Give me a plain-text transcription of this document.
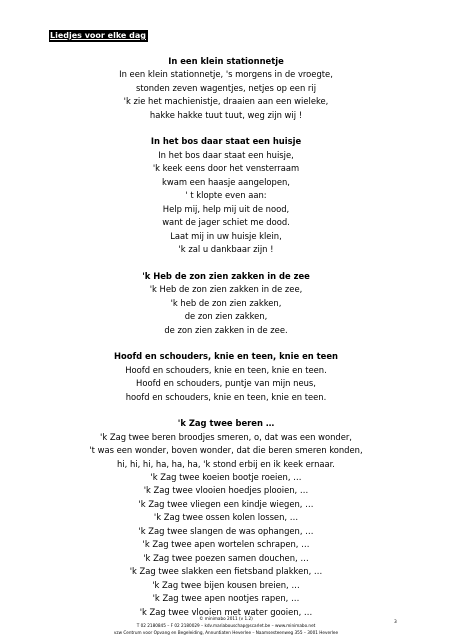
Liedjes voor elke dag
In een klein stationnetje
In een klein stationnetje, 's morgens in de vroegte,
stonden zeven wagentjes, netjes op een rij
'k zie het machienistje, draaien aan een wieleke,
hakke hakke tuut tuut, weg zijn wij !
In het bos daar staat een huisje
In het bos daar staat een huisje,
'k keek eens door het vensterraam
kwam een haasje aangelopen,
' t klopte even aan:
Help mij, help mij uit de nood,
want de jager schiet me dood.
Laat mij in uw huisje klein,
'k zal u dankbaar zijn !
'k Heb de zon zien zakken in de zee
'k Heb de zon zien zakken in de zee,
'k heb de zon zien zakken,
de zon zien zakken,
de zon zien zakken in de zee.
Hoofd en schouders, knie en teen, knie en teen
Hoofd en schouders, knie en teen, knie en teen.
Hoofd en schouders, puntje van mijn neus,
hoofd en schouders, knie en teen, knie en teen.
'k Zag twee beren …
'k Zag twee beren broodjes smeren, o, dat was een wonder,
't was een wonder, boven wonder, dat die beren smeren konden,
hi, hi, hi, ha, ha, ha, 'k stond erbij en ik keek ernaar.
'k Zag twee koeien bootje roeien, …
'k Zag twee vlooien hoedjes plooien, …
'k Zag twee vliegen een kindje wiegen, …
'k Zag twee ossen kolen lossen, …
'k Zag twee slangen de was ophangen, …
'k Zag twee apen wortelen schrapen, …
'k Zag twee poezen samen douchen, …
'k Zag twee slakken een fietsband plakken, …
'k Zag twee bijen kousen breien, …
'k Zag twee apen nootjes rapen, …
'k Zag twee vlooien met water gooien, …
© minimabo 2011 (v 1.2)
T 02 2180845 – F 02 2180029 – kdv.mariabouschap@scarlet.be – www.minimabo.net
vzw Centrum voor Opvang en Begeleiding, Annuntiaten Heverlee – Naamsesteenweg 355 – 3001 Heverlee
3
